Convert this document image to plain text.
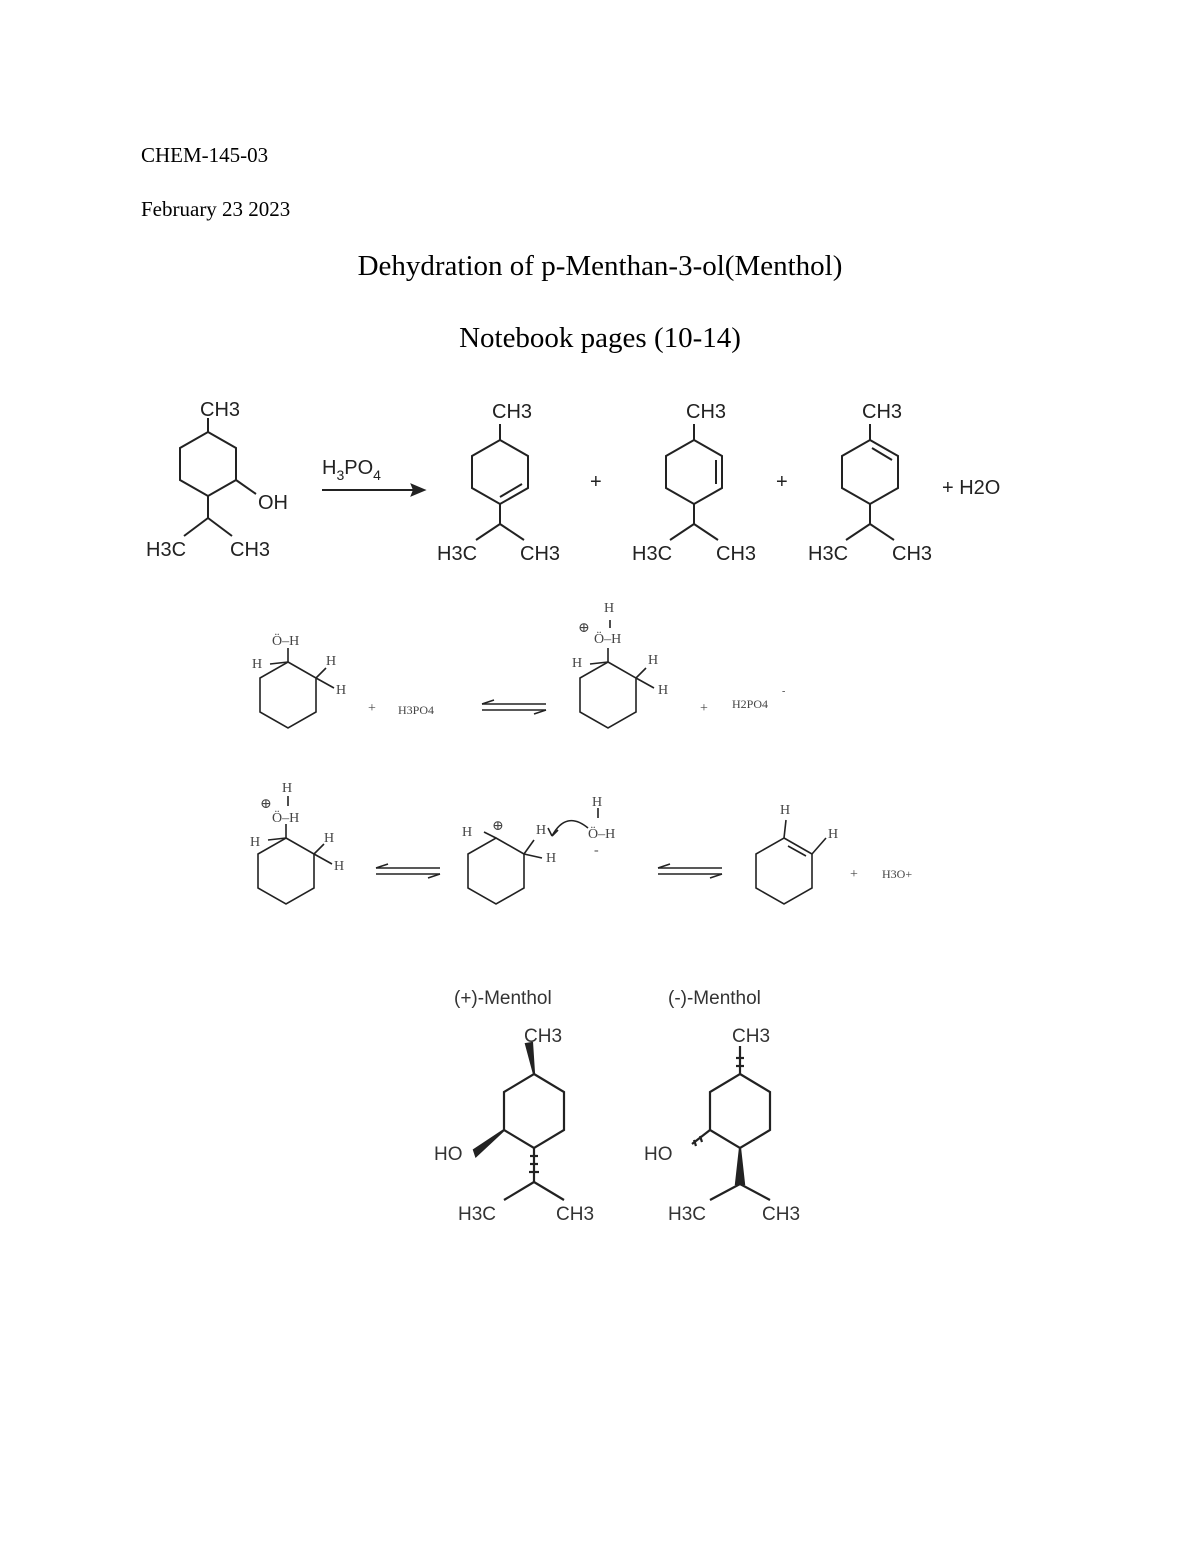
CHEM-145-03
February 23 2023
Dehydration of p-Menthan-3-ol(Menthol)
Notebook pages (10-14)
CH3
OH
H3C CH3
$H_3PO_4$
CH3
H3C CH3
+
CH3
H3C CH3
+
CH3
H3C CH3
+ H2O
Ö–H
H	H
H
+ H3PO4
H
⊕
Ö–H
H	H
H
+ H2PO4
-
H
⊕
Ö–H
H	H
H
H ⊕ H
H
H
Ö–H
-
H
H
+ H3O+
(+)-Menthol	(-)-Menthol
CH3	CH3
HO	HO
H3C	CH3	H3C	CH3
